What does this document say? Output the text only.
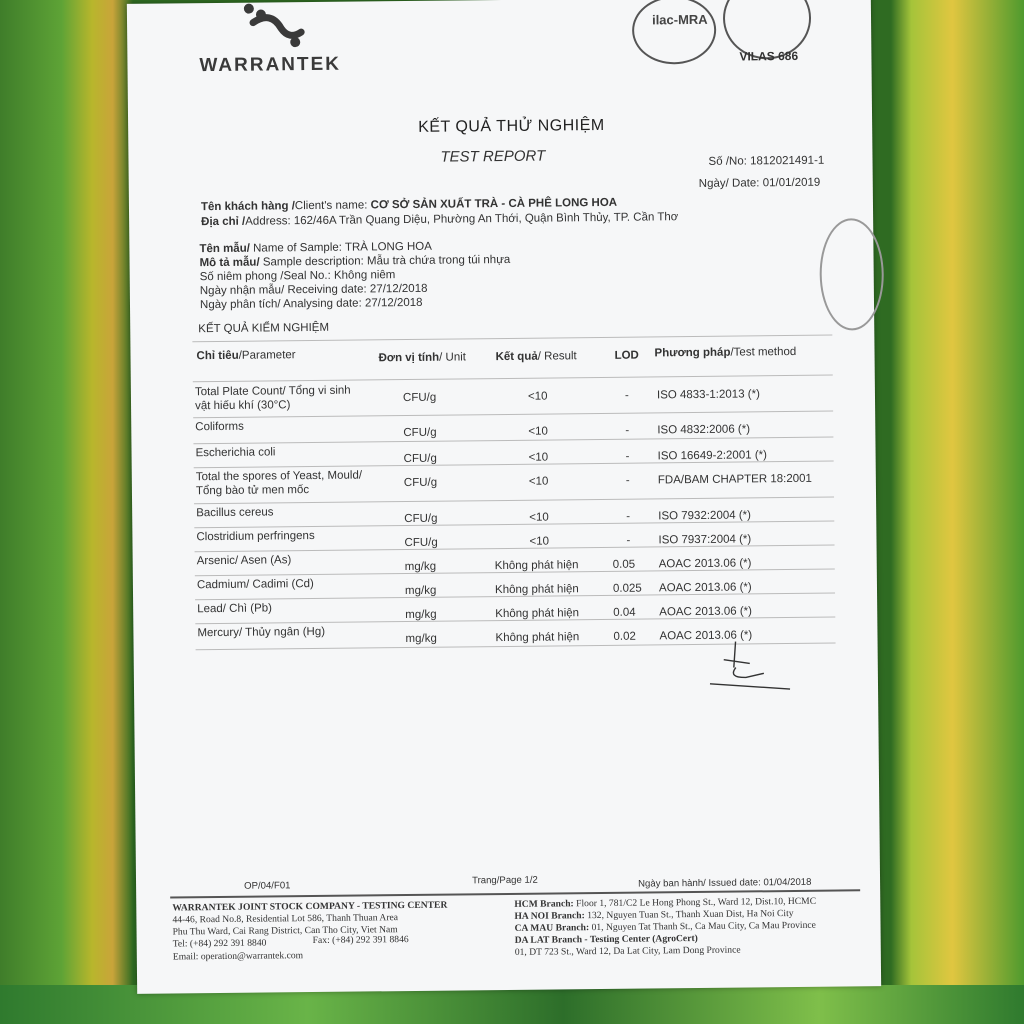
WARRANTEK
ilac-MRA
VILAS 686
KẾT QUẢ THỬ NGHIỆM
TEST REPORT	Số /No: 1812021491-1
Ngày/ Date: 01/01/2019
Tên khách hàng /Client's name: CƠ SỞ SẢN XUẤT TRÀ - CÀ PHÊ LONG HOA
Địa chỉ /Address: 162/46A Trần Quang Diệu, Phường An Thới, Quận Bình Thủy, TP. Cần Thơ
Tên mẫu/ Name of Sample: TRÀ LONG HOA
Mô tả mẫu/ Sample description: Mẫu trà chứa trong túi nhựa
Số niêm phong /Seal No.: Không niêm
Ngày nhận mẫu/ Receiving date: 27/12/2018
Ngày phân tích/ Analysing date: 27/12/2018
KẾT QUẢ KIỂM NGHIỆM
Chỉ tiêu/Parameter	Đơn vị tính/ Unit	Kết quả/ Result	LOD Phương pháp/Test method
Total Plate Count/ Tổng vi sinh
vật hiếu khí (30°C)
CFU/g	<10	- ISO 4833-1:2013 (*)
Coliforms	CFU/g	<10	- ISO 4832:2006 (*)
Escherichia coli	CFU/g	<10	- ISO 16649-2:2001 (*)
Total the spores of Yeast, Mould/
Tổng bào tử men mốc
CFU/g	<10	- FDA/BAM CHAPTER 18:2001
Bacillus cereus	CFU/g	<10	- ISO 7932:2004 (*)
Clostridium perfringens	CFU/g	<10	- ISO 7937:2004 (*)
Arsenic/ Asen (As)	mg/kg	Không phát hiện	0.05 AOAC 2013.06 (*)
Cadmium/ Cadimi (Cd)	mg/kg	Không phát hiện	0.025 AOAC 2013.06 (*)
Lead/ Chì (Pb)	mg/kg	Không phát hiện	0.04 AOAC 2013.06 (*)
Mercury/ Thủy ngân (Hg)	mg/kg	Không phát hiện	0.02 AOAC 2013.06 (*)
OP/04/F01	Trang/Page 1/2	Ngày ban hành/ Issued date: 01/04/2018
WARRANTEK JOINT STOCK COMPANY - TESTING CENTER
44-46, Road No.8, Residential Lot 586, Thanh Thuan Area
Phu Thu Ward, Cai Rang District, Can Tho City, Viet Nam
Tel: (+84) 292 391 8840	Fax: (+84) 292 391 8846
Email: operation@warrantek.com
HCM Branch: Floor 1, 781/C2 Le Hong Phong St., Ward 12, Dist.10, HCMC
HA NOI Branch: 132, Nguyen Tuan St., Thanh Xuan Dist, Ha Noi City
CA MAU Branch: 01, Nguyen Tat Thanh St., Ca Mau City, Ca Mau Province
DA LAT Branch - Testing Center (AgroCert)
01, DT 723 St., Ward 12, Da Lat City, Lam Dong Province
